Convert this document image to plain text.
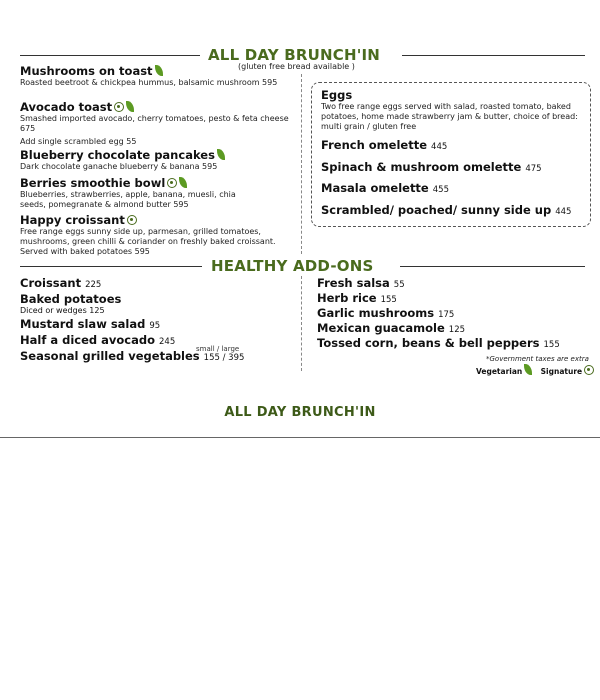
ALL DAY BRUNCH'IN
(gluten free bread available )
Mushrooms on toast
Roasted beetroot & chickpea hummus, balsamic mushroom 595
Avocado toast
Smashed imported avocado, cherry tomatoes, pesto & feta cheese 675
Add single scrambled egg 55
Blueberry chocolate pancakes
Dark chocolate ganache blueberry & banana 595
Berries smoothie bowl
Blueberries, strawberries, apple, banana, muesli, chia seeds, pomegranate & almond butter 595
Happy croissant
Free range eggs sunny side up, parmesan, grilled tomatoes, mushrooms, green chilli & coriander on freshly baked croissant. Served with baked potatoes 595
Eggs
Two free range eggs served with salad, roasted tomato, baked potatoes, home made strawberry jam & butter, choice of bread: multi grain / gluten free
French omelette 445
Spinach & mushroom omelette 475
Masala omelette 455
Scrambled/ poached/ sunny side up 445
HEALTHY ADD-ONS
Croissant 225
Baked potatoes
Diced or wedges 125
Mustard slaw salad 95
Half a diced avocado 245
Seasonal grilled vegetables 155 / 395
small / large
Fresh salsa 55
Herb rice 155
Garlic mushrooms 175
Mexican guacamole 125
Tossed corn, beans & bell peppers 155
*Government taxes are extra
Vegetarian Signature
ALL DAY BRUNCH'IN
